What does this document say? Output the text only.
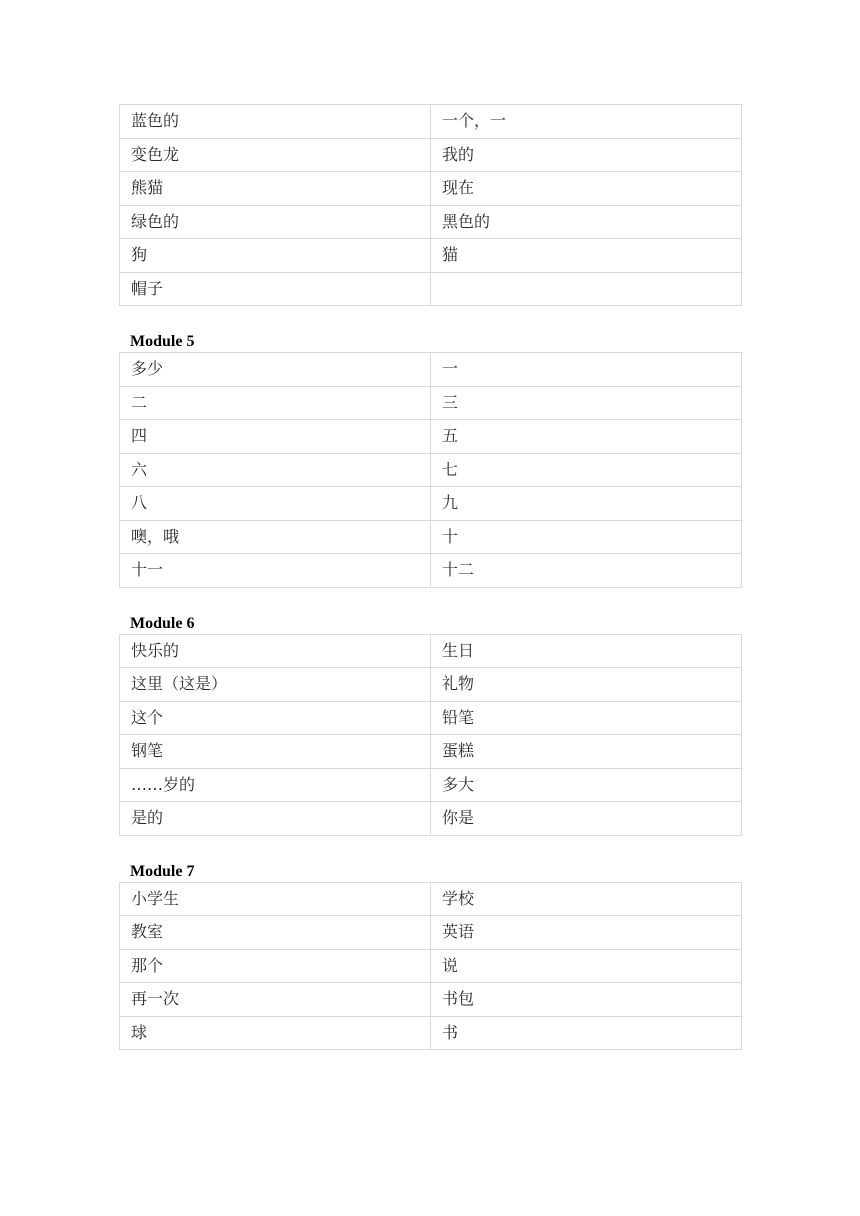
蓝色的	一个，一
变色龙	我的
熊猫	现在
绿色的	黑色的
狗	猫
帽子	
Module 5
多少	一
二	三
四	五
六	七
八	九
噢，哦	十
十一	十二
Module 6
快乐的	生日
这里（这是）	礼物
这个	铅笔
钢笔	蛋糕
……岁的	多大
是的	你是
Module 7
小学生	学校
教室	英语
那个	说
再一次	书包
球	书
